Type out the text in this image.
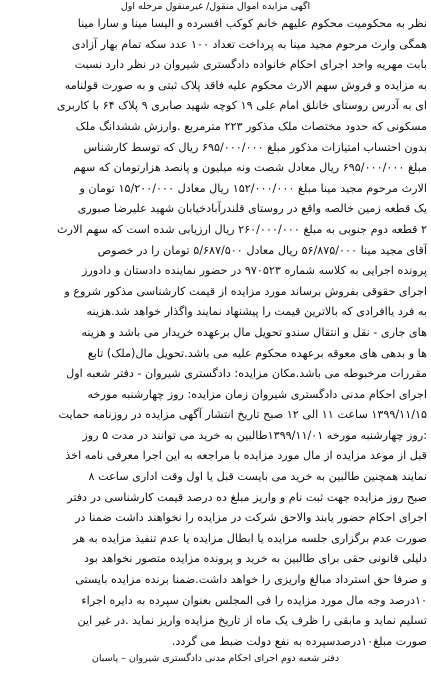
آگهی مزایده اموال منقول/ غیرمنقول مرحله اول
نظر به محکومیت محکوم علیهم خانم کوکب افسرده و الیسا مینا و سارا مینا
همگی وارث مرحوم مجید مینا به پرداخت تعداد ۱۰۰ عدد سکه تمام بهار آزادی
بابت مهریه واحد اجرای احکام خانواده دادگستری شیروان در نظر دارد نسبت
به مزایده و فروش سهم الارث محکوم علیه فاقد پلاک ثبتی و به صورت قولنامه
ای به آدرس روستای خانلق امام علی ۱۹ کوچه شهید صابری ۹ پلاک ۶۴ با کاربری
مسکونی که حدود مختصات ملک مذکور ۲۲۳ مترمربع .وارزش ششدانگ ملک
بدون احتساب امتیازات مذکور مبلغ ۶۹۵/۰۰۰/۰۰۰ ریال که توسط کارشناس
مبلغ ۶۹۵/۰۰۰/۰۰۰ ریال معادل شصت ونه میلیون و پانصد هزارتومان که سهم
الارث مرحوم مجید مینا مبلغ ۱۵۲/۰۰۰/۰۰۰ ریال معادل ۱۵/۲۰۰/۰۰۰ تومان و
یک قطعه زمین خالصه واقع در روستای قلندرآبادخیابان شهید علیرضا صبوری
۲ قطعه دوم جنوبی به مبلغ ۲۶۰/۰۰۰/۰۰۰ ریال ارزیابی شده است که سهم الارث
آقای مجید مینا ۵۶/۸۷۵/۰۰۰ ریال معادل ۵/۶۸۷/۵۰۰ تومان را در خصوص
پرونده اجرایی به کلاسه شماره ۹۷۰۵۲۳ در حضور نماینده دادستان و دادورز
اجرای حقوقی بفروش برساند مورد مزایده از قیمت کارشناسی مذکور شروع و
به فرد یاافرادی که بالاترین قیمت را پیشنهاد نمایند واگذار خواهد شد.هزینه
های جاری - نقل و انتقال سندو تحویل مال برعهده خریدار می باشد و هزینه
ها و بدهی های معوقه برعهده محکوم علیه می باشد.تحویل مال(ملک) تابع
مقررات مرخبوطه می باشد.مکان مزایده: دادگستری شیروان - دفتر شعبه اول
اجرای احکام مدنی دادگستری شیروان زمان مزایده: روز چهارشنبه مورخه
۱۳۹۹/۱۱/۱۵ ساعت ۱۱ الی ۱۲ صبح تاریخ انتشار آگهی مزایده در روزنامه حمایت
:روز چهارشنبه مورخه ۱۳۹۹/۱۱/۰۱طالبین به خرید می توانند در مدت ۵ روز
قبل از موعد مزایده از مال مورد مزایده با مراجعه به این اجرا معرفی نامه اخذ
نمایند همچنین طالبین به خرید می بایست قبل یا اول وقت اداری ساعت ۸
صبح روز مزایده جهت ثبت نام و واریز مبلغ ده درصد قیمت کارشناسی در دفتر
اجرای احکام حضور یابند والاحق شرکت در مزایده را نخواهند داشت ضمنا در
صورت عدم برگزاری جلسه مزایده یا ابطال مزایده یا عدم تنفیذ مزایده به هر
دلیلی قانونی حقی برای طالبین به خرید و پرونده مزایده متصور نخواهد بود
و صرفا حق استرداد مبالغ واریزی را خواهد داشت.ضمنا برنده مزایده بایستی
۱۰درصد وجه مال مورد مزایده را فی المجلس بعنوان سپرده به دایره اجراء
تسلیم نماید و مابقی را ظرف یک ماه از تاریخ مزایده واریز نماید .در غیر این
صورت مبلغ۱۰درصدسپرده به نفع دولت ضبط می گردد.
دفتر شعبه دوم اجرای احکام مدنی دادگستری شیروان – پاسبان
